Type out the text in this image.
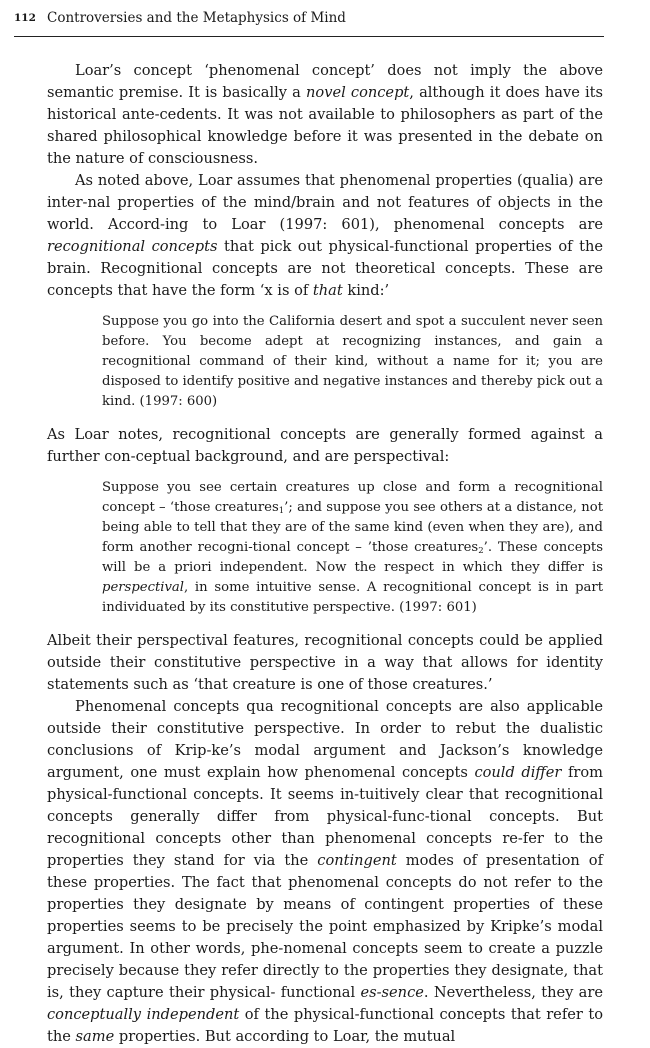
112 Controversies and the Metaphysics of Mind

Loar’s concept ‘phenomenal concept’ does not imply the above semantic premise. It is basically a novel concept, although it does have its historical ante-cedents. It was not available to philosophers as part of the shared philosophical knowledge before it was presented in the debate on the nature of consciousness.

As noted above, Loar assumes that phenomenal properties (qualia) are inter-nal properties of the mind/brain and not features of objects in the world. Accord-ing to Loar (1997: 601), phenomenal concepts are recognitional concepts that pick out physical-functional properties of the brain. Recognitional concepts are not theoretical concepts. These are concepts that have the form ‘x is of that kind:’

Suppose you go into the California desert and spot a succulent never seen before. You become adept at recognizing instances, and gain a recognitional command of their kind, without a name for it; you are disposed to identify positive and negative instances and thereby pick out a kind. (1997: 600)

As Loar notes, recognitional concepts are generally formed against a further con-ceptual background, and are perspectival:

Suppose you see certain creatures up close and form a recognitional concept – ‘those creatures$_1$’; and suppose you see others at a distance, not being able to tell that they are of the same kind (even when they are), and form another recogni-tional concept – ’those creatures$_2$’. These concepts will be a priori independent. Now the respect in which they differ is perspectival, in some intuitive sense. A recognitional concept is in part individuated by its constitutive perspective. (1997: 601)

Albeit their perspectival features, recognitional concepts could be applied outside their constitutive perspective in a way that allows for identity statements such as ‘that creature is one of those creatures.’

Phenomenal concepts qua recognitional concepts are also applicable outside their constitutive perspective. In order to rebut the dualistic conclusions of Krip-ke’s modal argument and Jackson’s knowledge argument, one must explain how phenomenal concepts could differ from physical-functional concepts. It seems in-tuitively clear that recognitional concepts generally differ from physical-func-tional concepts. But recognitional concepts other than phenomenal concepts re-fer to the properties they stand for via the contingent modes of presentation of these properties. The fact that phenomenal concepts do not refer to the properties they designate by means of contingent properties of these properties seems to be precisely the point emphasized by Kripke’s modal argument. In other words, phe-nomenal concepts seem to create a puzzle precisely because they refer directly to the properties they designate, that is, they capture their physical- functional es-sence. Nevertheless, they are conceptually independent of the physical-functional concepts that refer to the same properties. But according to Loar, the mutual
